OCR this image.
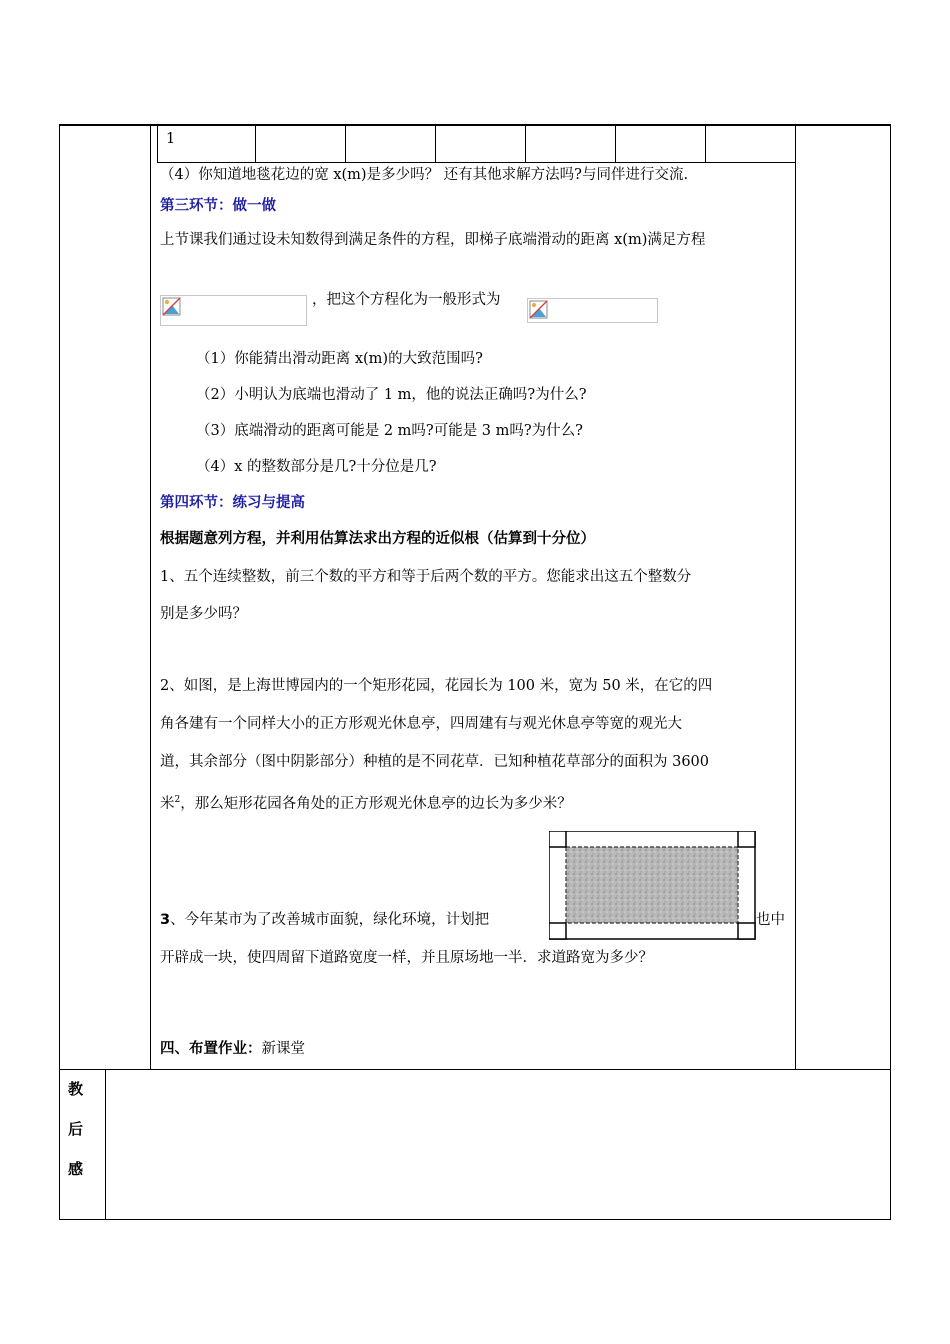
1
（4）你知道地毯花边的宽 x(m)是多少吗？ 还有其他求解方法吗?与同伴进行交流.
第三环节：做一做
上节课我们通过设未知数得到满足条件的方程，即梯子底端滑动的距离 x(m)满足方程
，把这个方程化为一般形式为
（1）你能猜出滑动距离 x(m)的大致范围吗?
（2）小明认为底端也滑动了 1 m，他的说法正确吗?为什么?
（3）底端滑动的距离可能是 2 m吗?可能是 3 m吗?为什么?
（4）x 的整数部分是几?十分位是几?
第四环节：练习与提高
根据题意列方程，并利用估算法求出方程的近似根（估算到十分位）
1、五个连续整数，前三个数的平方和等于后两个数的平方。您能求出这五个整数分
别是多少吗？
2、如图，是上海世博园内的一个矩形花园，花园长为 100 米，宽为 50 米，在它的四
角各建有一个同样大小的正方形观光休息亭，四周建有与观光休息亭等宽的观光大
道，其余部分（图中阴影部分）种植的是不同花草．已知种植花草部分的面积为 3600
米$^2$，那么矩形花园各角处的正方形观光休息亭的边长为多少米？
3、今年某市为了改善城市面貌，绿化环境，计划把	也中
开辟成一块，使四周留下道路宽度一样，并且原场地一半．求道路宽为多少？
四、布置作业：新课堂
教
后
感
